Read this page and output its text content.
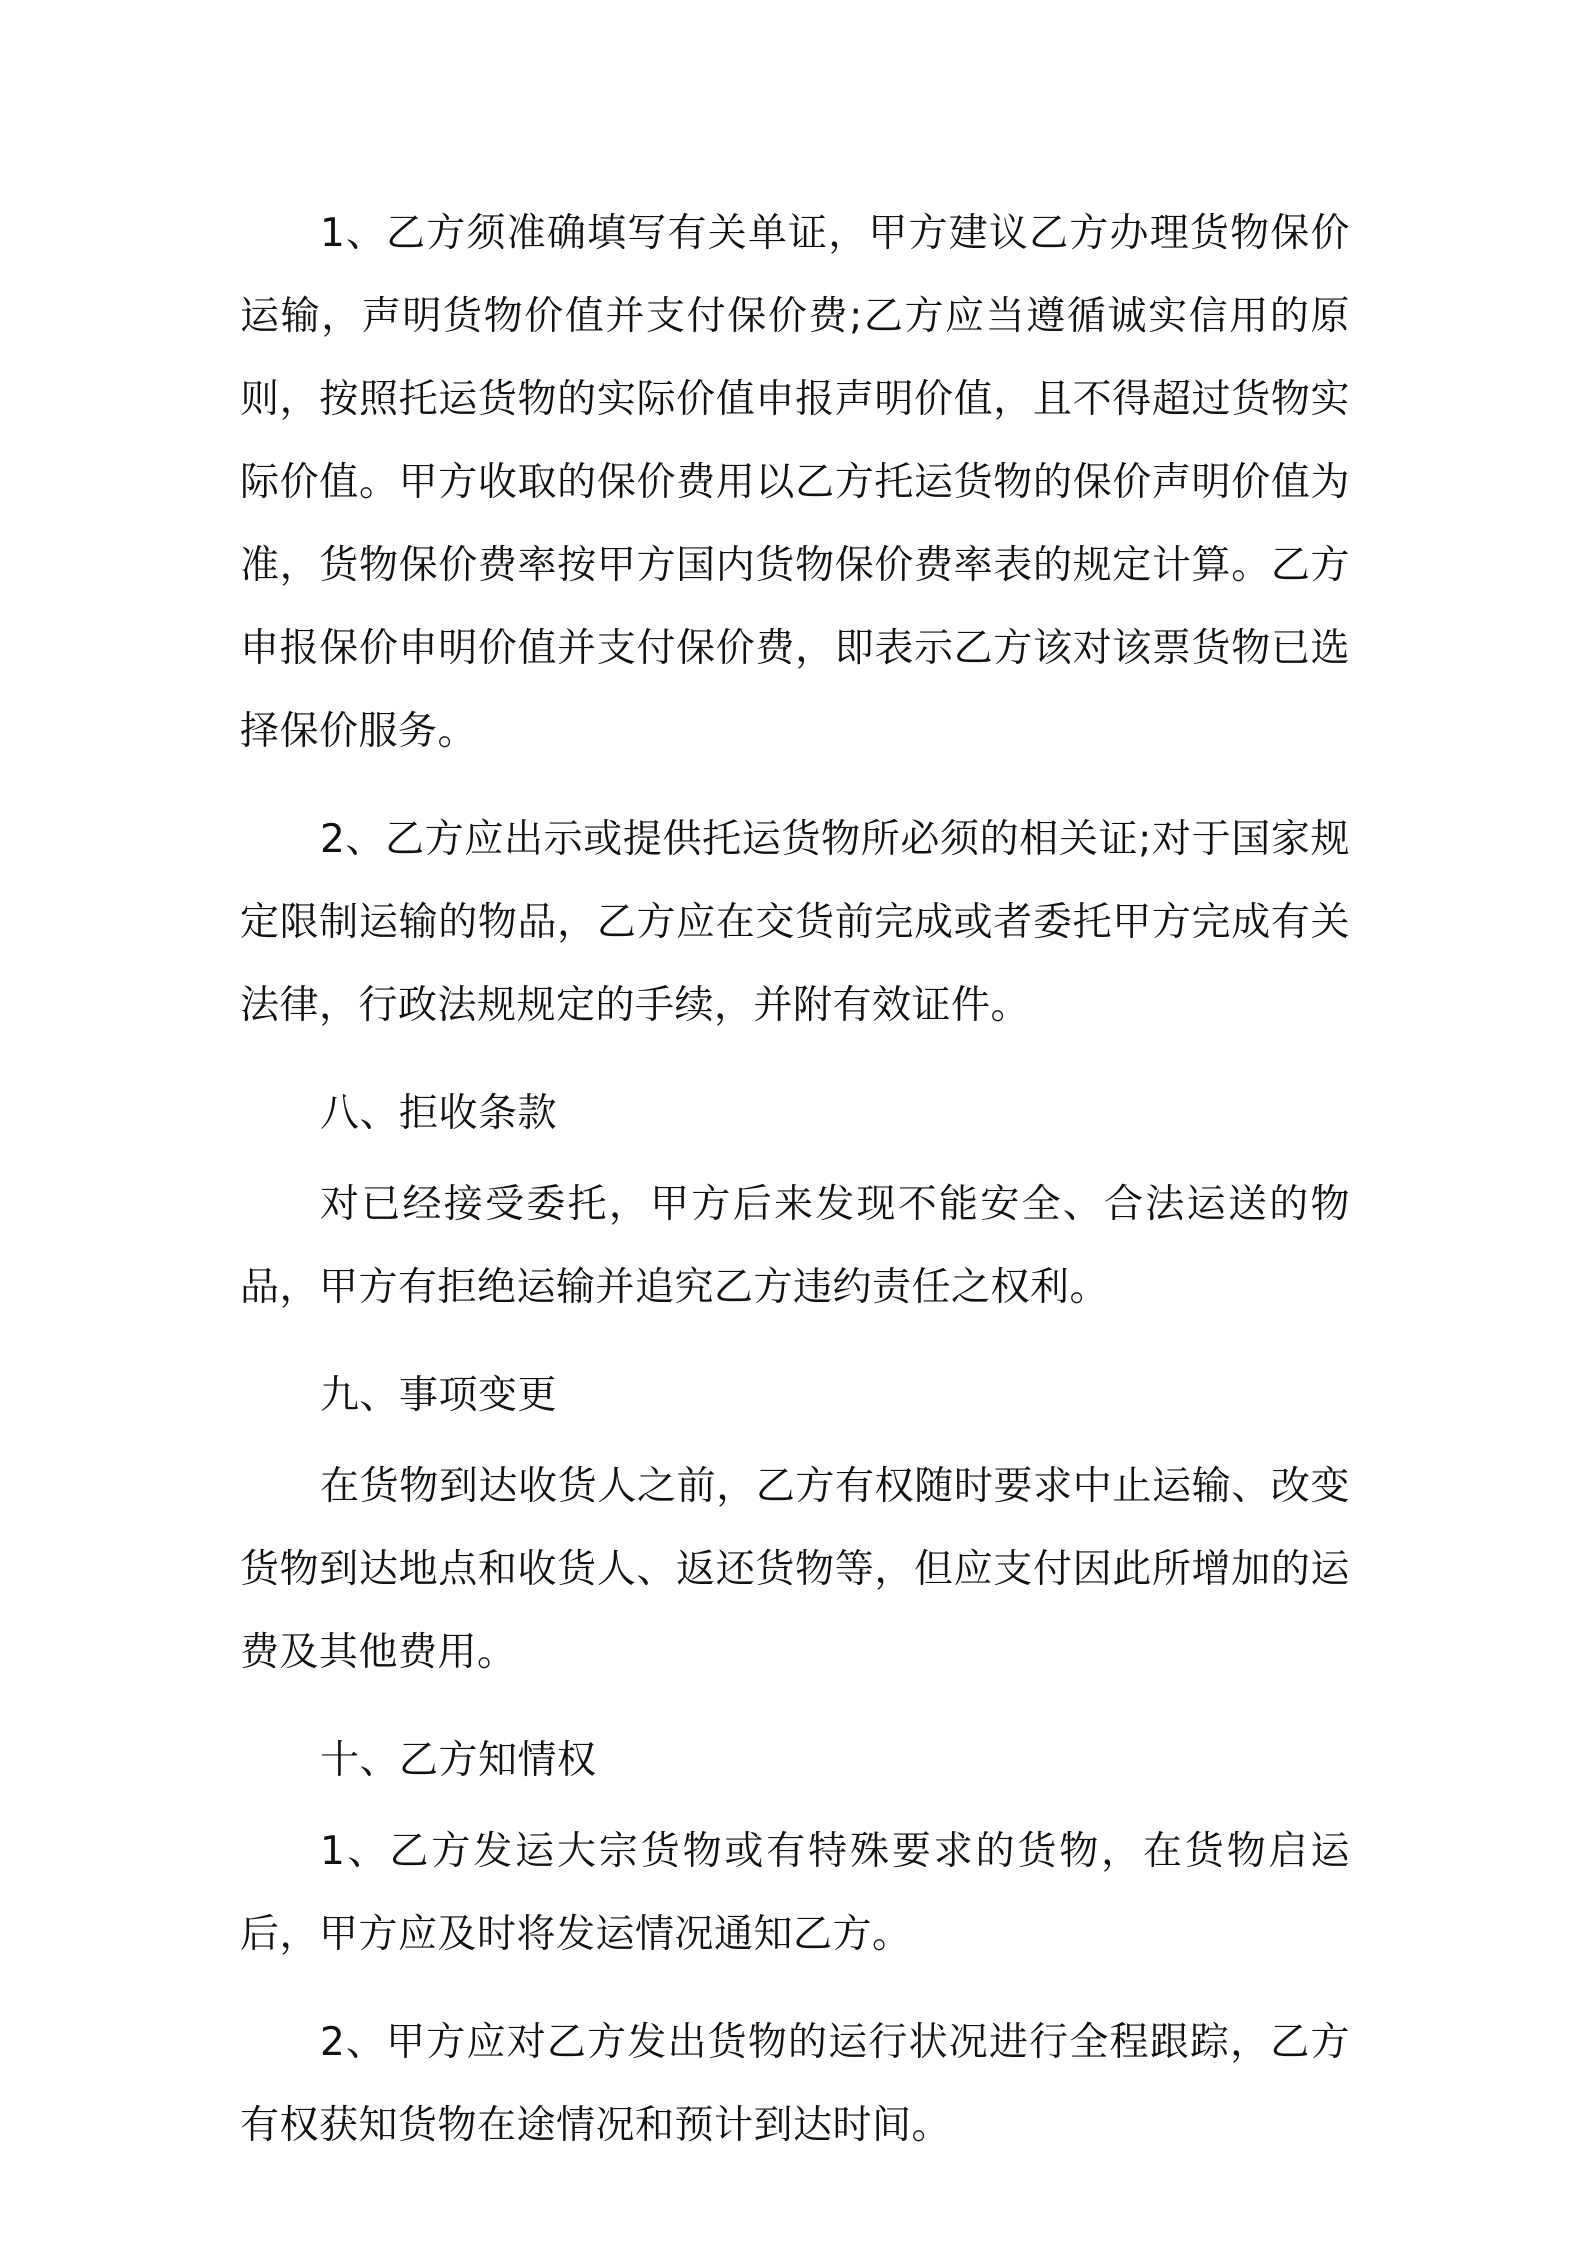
1、乙方须准确填写有关单证，甲方建议乙方办理货物保价运输，声明货物价值并支付保价费;乙方应当遵循诚实信用的原则，按照托运货物的实际价值申报声明价值，且不得超过货物实际价值。甲方收取的保价费用以乙方托运货物的保价声明价值为准，货物保价费率按甲方国内货物保价费率表的规定计算。乙方申报保价申明价值并支付保价费，即表示乙方该对该票货物已选择保价服务。

2、乙方应出示或提供托运货物所必须的相关证;对于国家规定限制运输的物品，乙方应在交货前完成或者委托甲方完成有关法律，行政法规规定的手续，并附有效证件。

八、拒收条款

对已经接受委托，甲方后来发现不能安全、合法运送的物品，甲方有拒绝运输并追究乙方违约责任之权利。

九、事项变更

在货物到达收货人之前，乙方有权随时要求中止运输、改变货物到达地点和收货人、返还货物等，但应支付因此所增加的运费及其他费用。

十、乙方知情权

1、乙方发运大宗货物或有特殊要求的货物，在货物启运后，甲方应及时将发运情况通知乙方。

2、甲方应对乙方发出货物的运行状况进行全程跟踪，乙方有权获知货物在途情况和预计到达时间。
